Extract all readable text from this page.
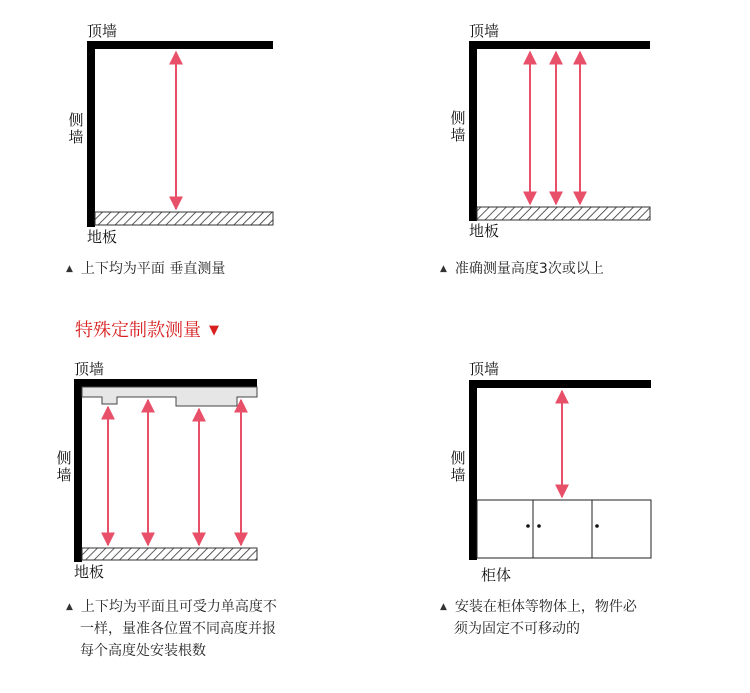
顶墙
侧墙
地板
▲ 上下均为平面 垂直测量
顶墙
侧墙
地板
▲ 准确测量高度3次或以上
特殊定制款测量 ▼
顶墙
侧墙
地板
▲ 上下均为平面且可受力单高度不
一样，量准各位置不同高度并报
每个高度处安装根数
顶墙
侧墙
柜体
▲ 安装在柜体等物体上，物件必
须为固定不可移动的
